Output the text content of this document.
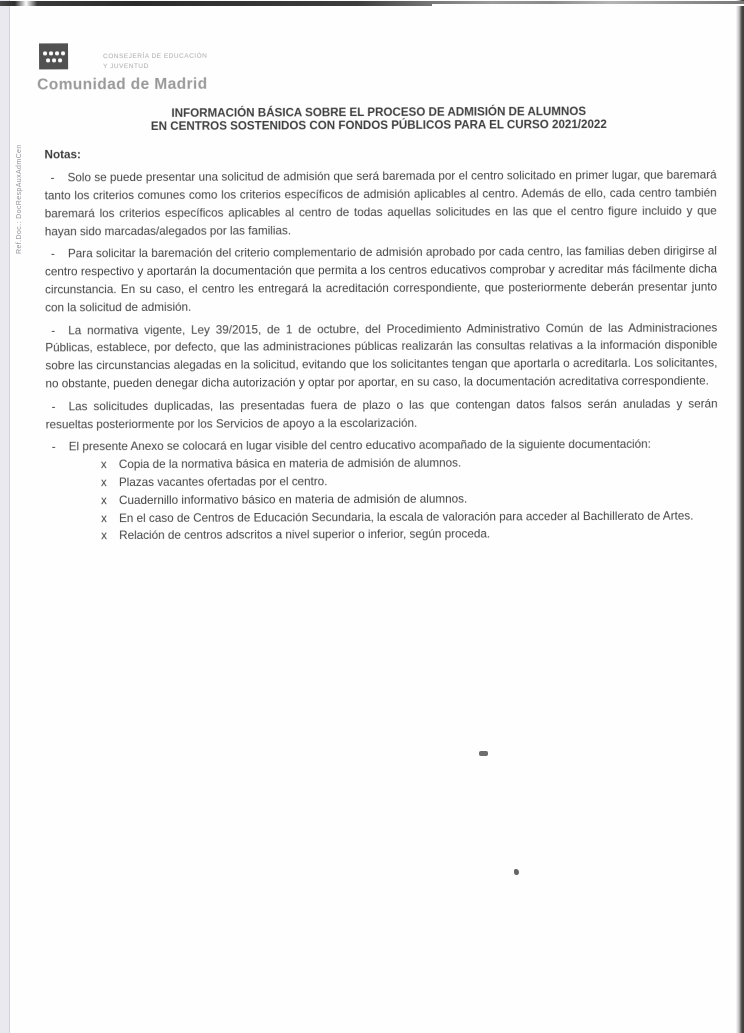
Ref.Doc.: DocRespAuxAdmCen
CONSEJERÍA DE EDUCACIÓN
Y JUVENTUD
Comunidad de Madrid
INFORMACIÓN BÁSICA SOBRE EL PROCESO DE ADMISIÓN DE ALUMNOS
EN CENTROS SOSTENIDOS CON FONDOS PÚBLICOS PARA EL CURSO 2021/2022
Notas:

- Solo se puede presentar una solicitud de admisión que será baremada por el centro solicitado en primer lugar, que baremará tanto los criterios comunes como los criterios específicos de admisión aplicables al centro. Además de ello, cada centro también baremará los criterios específicos aplicables al centro de todas aquellas solicitudes en las que el centro figure incluido y que hayan sido marcadas/alegados por las familias.

- Para solicitar la baremación del criterio complementario de admisión aprobado por cada centro, las familias deben dirigirse al centro respectivo y aportarán la documentación que permita a los centros educativos comprobar y acreditar más fácilmente dicha circunstancia. En su caso, el centro les entregará la acreditación correspondiente, que posteriormente deberán presentar junto con la solicitud de admisión.

- La normativa vigente, Ley 39/2015, de 1 de octubre, del Procedimiento Administrativo Común de las Administraciones Públicas, establece, por defecto, que las administraciones públicas realizarán las consultas relativas a la información disponible sobre las circunstancias alegadas en la solicitud, evitando que los solicitantes tengan que aportarla o acreditarla. Los solicitantes, no obstante, pueden denegar dicha autorización y optar por aportar, en su caso, la documentación acreditativa correspondiente.

- Las solicitudes duplicadas, las presentadas fuera de plazo o las que contengan datos falsos serán anuladas y serán resueltas posteriormente por los Servicios de apoyo a la escolarización.

- El presente Anexo se colocará en lugar visible del centro educativo acompañado de la siguiente documentación:

x Copia de la normativa básica en materia de admisión de alumnos.
x Plazas vacantes ofertadas por el centro.
x Cuadernillo informativo básico en materia de admisión de alumnos.
x En el caso de Centros de Educación Secundaria, la escala de valoración para acceder al Bachillerato de Artes.
x Relación de centros adscritos a nivel superior o inferior, según proceda.
